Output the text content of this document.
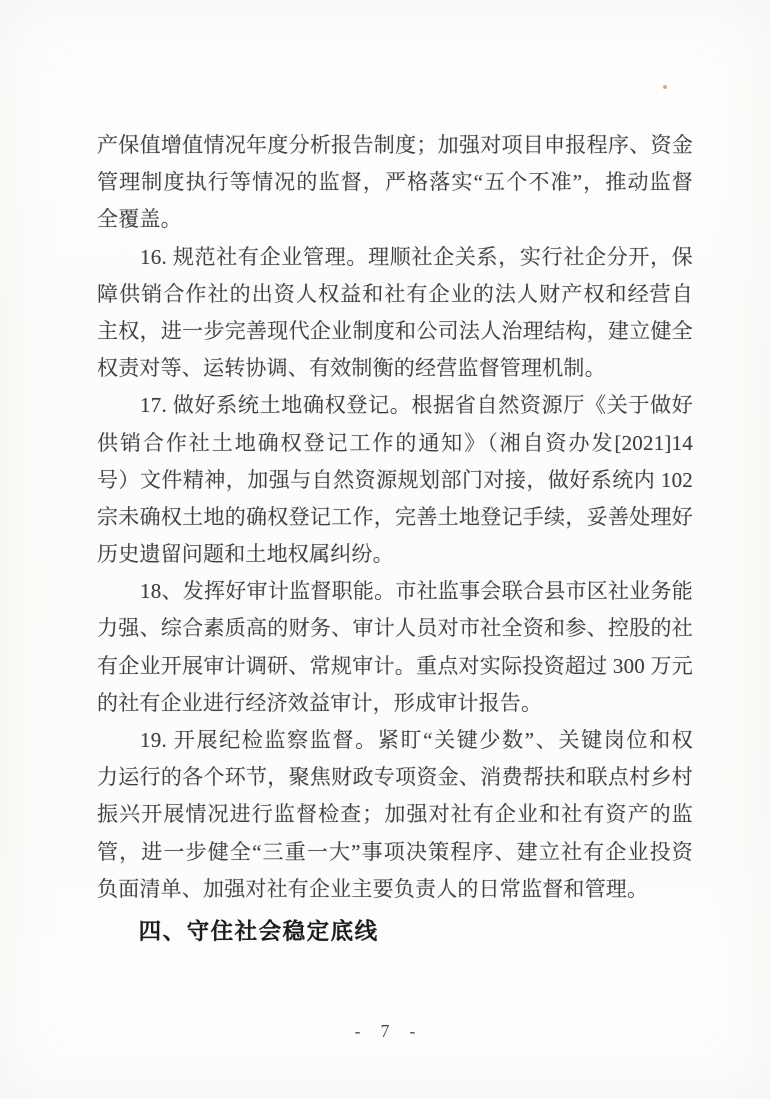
产保值增值情况年度分析报告制度；加强对项目申报程序、资金
管理制度执行等情况的监督，严格落实“五个不准”，推动监督
全覆盖。
16. 规范社有企业管理。理顺社企关系，实行社企分开，保
障供销合作社的出资人权益和社有企业的法人财产权和经营自
主权，进一步完善现代企业制度和公司法人治理结构，建立健全
权责对等、运转协调、有效制衡的经营监督管理机制。
17. 做好系统土地确权登记。根据省自然资源厅《关于做好
供销合作社土地确权登记工作的通知》（湘自资办发[2021]14
号）文件精神，加强与自然资源规划部门对接，做好系统内 102
宗未确权土地的确权登记工作，完善土地登记手续，妥善处理好
历史遗留问题和土地权属纠纷。
18、发挥好审计监督职能。市社监事会联合县市区社业务能
力强、综合素质高的财务、审计人员对市社全资和参、控股的社
有企业开展审计调研、常规审计。重点对实际投资超过 300 万元
的社有企业进行经济效益审计，形成审计报告。
19. 开展纪检监察监督。紧盯“关键少数”、关键岗位和权
力运行的各个环节，聚焦财政专项资金、消费帮扶和联点村乡村
振兴开展情况进行监督检查；加强对社有企业和社有资产的监
管，进一步健全“三重一大”事项决策程序、建立社有企业投资
负面清单、加强对社有企业主要负责人的日常监督和管理。
四、守住社会稳定底线
- 7 -
